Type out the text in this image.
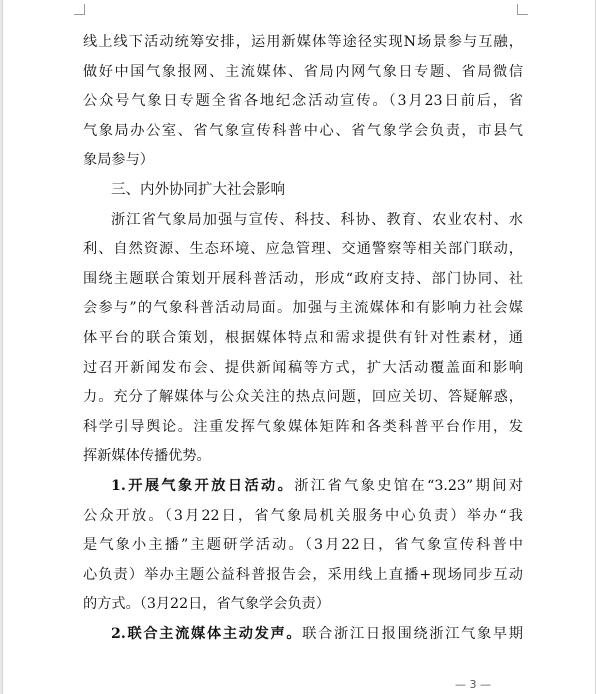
线上线下活动统筹安排，运用新媒体等途径实现N场景参与互融，
做好中国气象报网、主流媒体、省局内网气象日专题、省局微信
公众号气象日专题全省各地纪念活动宣传。（3月23日前后，省
气象局办公室、省气象宣传科普中心、省气象学会负责，市县气
象局参与）
三、内外协同扩大社会影响
浙江省气象局加强与宣传、科技、科协、教育、农业农村、水
利、自然资源、生态环境、应急管理、交通警察等相关部门联动，
围绕主题联合策划开展科普活动，形成“政府支持、部门协同、社
会参与”的气象科普活动局面。加强与主流媒体和有影响力社会媒
体平台的联合策划，根据媒体特点和需求提供有针对性素材，通
过召开新闻发布会、提供新闻稿等方式，扩大活动覆盖面和影响
力。充分了解媒体与公众关注的热点问题，回应关切、答疑解惑，
科学引导舆论。注重发挥气象媒体矩阵和各类科普平台作用，发
挥新媒体传播优势。
1.开展气象开放日活动。浙江省气象史馆在“3.23”期间对
公众开放。（3月22日，省气象局机关服务中心负责）举办“我
是气象小主播”主题研学活动。（3月22日，省气象宣传科普中
心负责）举办主题公益科普报告会，采用线上直播+现场同步互动
的方式。（3月22日，省气象学会负责）
2.联合主流媒体主动发声。联合浙江日报围绕浙江气象早期
— 3 —
